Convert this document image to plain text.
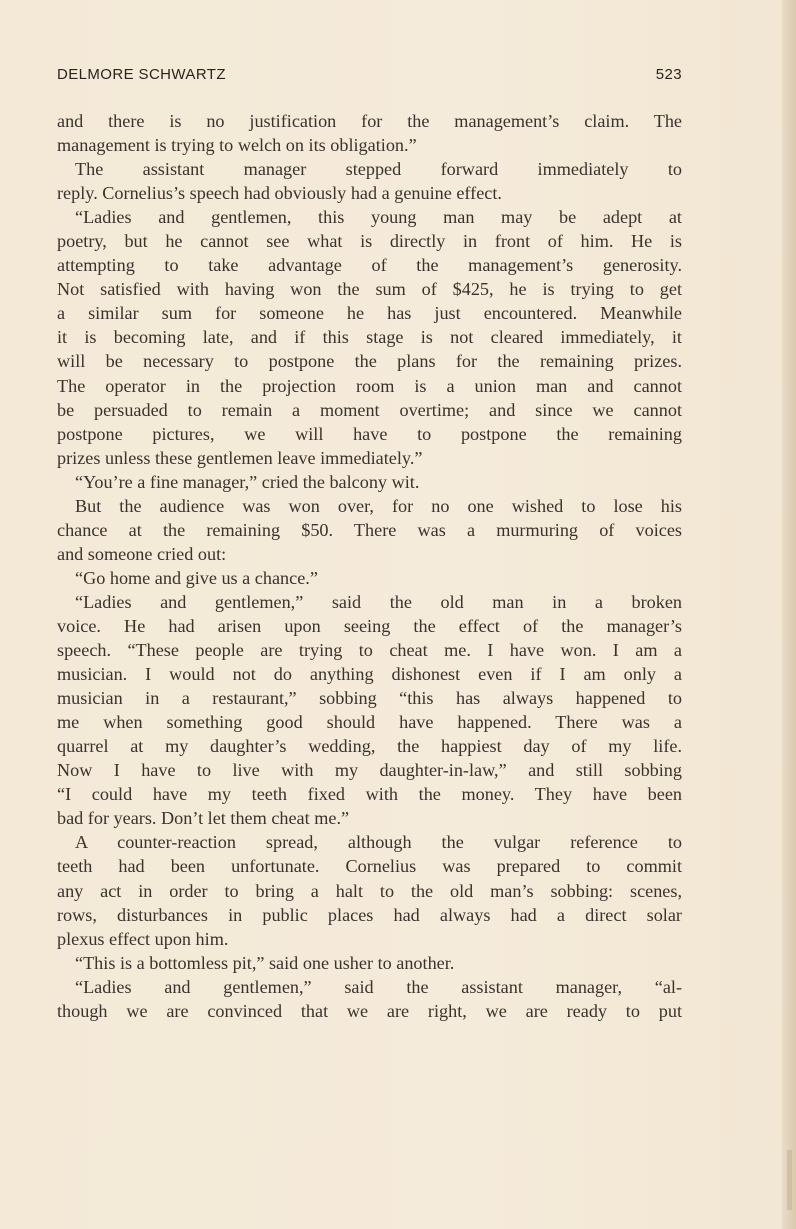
DELMORE SCHWARTZ	523

and there is no justification for the management’s claim. The

management is trying to welch on its obligation.”

The assistant manager stepped forward immediately to

reply. Cornelius’s speech had obviously had a genuine effect.

“Ladies and gentlemen, this young man may be adept at

poetry, but he cannot see what is directly in front of him. He is

attempting to take advantage of the management’s generosity.

Not satisfied with having won the sum of $425, he is trying to get

a similar sum for someone he has just encountered. Meanwhile

it is becoming late, and if this stage is not cleared immediately, it

will be necessary to postpone the plans for the remaining prizes.

The operator in the projection room is a union man and cannot

be persuaded to remain a moment overtime; and since we cannot

postpone pictures, we will have to postpone the remaining

prizes unless these gentlemen leave immediately.”

“You’re a fine manager,” cried the balcony wit.

But the audience was won over, for no one wished to lose his

chance at the remaining $50. There was a murmuring of voices

and someone cried out:

“Go home and give us a chance.”

“Ladies and gentlemen,” said the old man in a broken

voice. He had arisen upon seeing the effect of the manager’s

speech. “These people are trying to cheat me. I have won. I am a

musician. I would not do anything dishonest even if I am only a

musician in a restaurant,” sobbing “this has always happened to

me when something good should have happened. There was a

quarrel at my daughter’s wedding, the happiest day of my life.

Now I have to live with my daughter-in-law,” and still sobbing

“I could have my teeth fixed with the money. They have been

bad for years. Don’t let them cheat me.”

A counter-reaction spread, although the vulgar reference to

teeth had been unfortunate. Cornelius was prepared to commit

any act in order to bring a halt to the old man’s sobbing: scenes,

rows, disturbances in public places had always had a direct solar

plexus effect upon him.

“This is a bottomless pit,” said one usher to another.

“Ladies and gentlemen,” said the assistant manager, “al-

though we are convinced that we are right, we are ready to put
